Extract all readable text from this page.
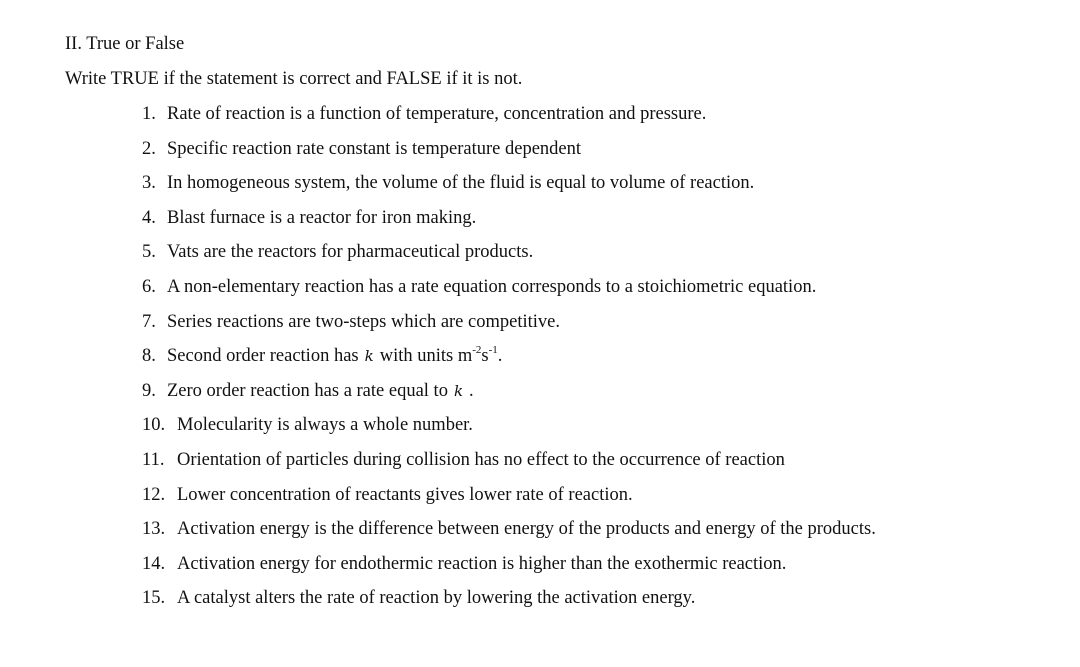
II. True or False
Write TRUE if the statement is correct and FALSE if it is not.
1. Rate of reaction is a function of temperature, concentration and pressure.
2. Specific reaction rate constant is temperature dependent
3. In homogeneous system, the volume of the fluid is equal to volume of reaction.
4. Blast furnace is a reactor for iron making.
5. Vats are the reactors for pharmaceutical products.
6. A non-elementary reaction has a rate equation corresponds to a stoichiometric equation.
7. Series reactions are two-steps which are competitive.
8. Second order reaction has k with units $m^{-2}s^{-1}$.
9. Zero order reaction has a rate equal to k .
10. Molecularity is always a whole number.
11. Orientation of particles during collision has no effect to the occurrence of reaction
12. Lower concentration of reactants gives lower rate of reaction.
13. Activation energy is the difference between energy of the products and energy of the products.
14. Activation energy for endothermic reaction is higher than the exothermic reaction.
15. A catalyst alters the rate of reaction by lowering the activation energy.
